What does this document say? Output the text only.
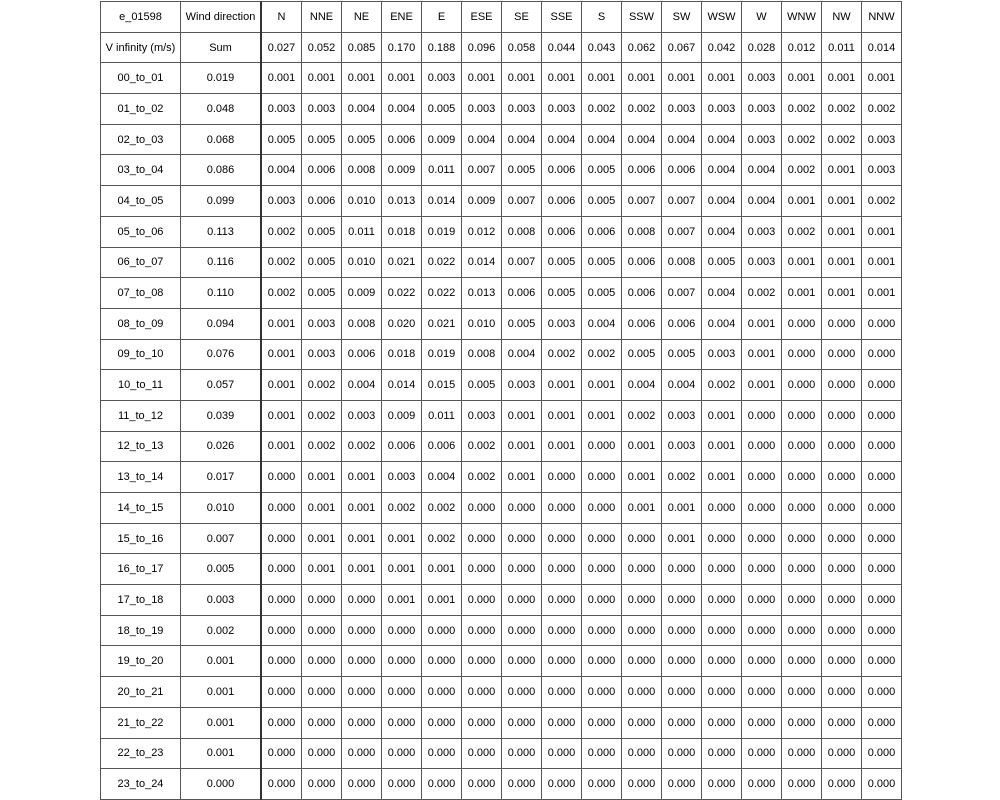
e_01598	Wind direction	N	NNE	NE	ENE	E	ESE	SE	SSE	S	SSW	SW	WSW	W	WNW	NW	NNW
V infinity (m/s)	Sum	0.027	0.052	0.085	0.170	0.188	0.096	0.058	0.044	0.043	0.062	0.067	0.042	0.028	0.012	0.011	0.014
00_to_01	0.019	0.001	0.001	0.001	0.001	0.003	0.001	0.001	0.001	0.001	0.001	0.001	0.001	0.003	0.001	0.001	0.001
01_to_02	0.048	0.003	0.003	0.004	0.004	0.005	0.003	0.003	0.003	0.002	0.002	0.003	0.003	0.003	0.002	0.002	0.002
02_to_03	0.068	0.005	0.005	0.005	0.006	0.009	0.004	0.004	0.004	0.004	0.004	0.004	0.004	0.003	0.002	0.002	0.003
03_to_04	0.086	0.004	0.006	0.008	0.009	0.011	0.007	0.005	0.006	0.005	0.006	0.006	0.004	0.004	0.002	0.001	0.003
04_to_05	0.099	0.003	0.006	0.010	0.013	0.014	0.009	0.007	0.006	0.005	0.007	0.007	0.004	0.004	0.001	0.001	0.002
05_to_06	0.113	0.002	0.005	0.011	0.018	0.019	0.012	0.008	0.006	0.006	0.008	0.007	0.004	0.003	0.002	0.001	0.001
06_to_07	0.116	0.002	0.005	0.010	0.021	0.022	0.014	0.007	0.005	0.005	0.006	0.008	0.005	0.003	0.001	0.001	0.001
07_to_08	0.110	0.002	0.005	0.009	0.022	0.022	0.013	0.006	0.005	0.005	0.006	0.007	0.004	0.002	0.001	0.001	0.001
08_to_09	0.094	0.001	0.003	0.008	0.020	0.021	0.010	0.005	0.003	0.004	0.006	0.006	0.004	0.001	0.000	0.000	0.000
09_to_10	0.076	0.001	0.003	0.006	0.018	0.019	0.008	0.004	0.002	0.002	0.005	0.005	0.003	0.001	0.000	0.000	0.000
10_to_11	0.057	0.001	0.002	0.004	0.014	0.015	0.005	0.003	0.001	0.001	0.004	0.004	0.002	0.001	0.000	0.000	0.000
11_to_12	0.039	0.001	0.002	0.003	0.009	0.011	0.003	0.001	0.001	0.001	0.002	0.003	0.001	0.000	0.000	0.000	0.000
12_to_13	0.026	0.001	0.002	0.002	0.006	0.006	0.002	0.001	0.001	0.000	0.001	0.003	0.001	0.000	0.000	0.000	0.000
13_to_14	0.017	0.000	0.001	0.001	0.003	0.004	0.002	0.001	0.000	0.000	0.001	0.002	0.001	0.000	0.000	0.000	0.000
14_to_15	0.010	0.000	0.001	0.001	0.002	0.002	0.000	0.000	0.000	0.000	0.001	0.001	0.000	0.000	0.000	0.000	0.000
15_to_16	0.007	0.000	0.001	0.001	0.001	0.002	0.000	0.000	0.000	0.000	0.000	0.001	0.000	0.000	0.000	0.000	0.000
16_to_17	0.005	0.000	0.001	0.001	0.001	0.001	0.000	0.000	0.000	0.000	0.000	0.000	0.000	0.000	0.000	0.000	0.000
17_to_18	0.003	0.000	0.000	0.000	0.001	0.001	0.000	0.000	0.000	0.000	0.000	0.000	0.000	0.000	0.000	0.000	0.000
18_to_19	0.002	0.000	0.000	0.000	0.000	0.000	0.000	0.000	0.000	0.000	0.000	0.000	0.000	0.000	0.000	0.000	0.000
19_to_20	0.001	0.000	0.000	0.000	0.000	0.000	0.000	0.000	0.000	0.000	0.000	0.000	0.000	0.000	0.000	0.000	0.000
20_to_21	0.001	0.000	0.000	0.000	0.000	0.000	0.000	0.000	0.000	0.000	0.000	0.000	0.000	0.000	0.000	0.000	0.000
21_to_22	0.001	0.000	0.000	0.000	0.000	0.000	0.000	0.000	0.000	0.000	0.000	0.000	0.000	0.000	0.000	0.000	0.000
22_to_23	0.001	0.000	0.000	0.000	0.000	0.000	0.000	0.000	0.000	0.000	0.000	0.000	0.000	0.000	0.000	0.000	0.000
23_to_24	0.000	0.000	0.000	0.000	0.000	0.000	0.000	0.000	0.000	0.000	0.000	0.000	0.000	0.000	0.000	0.000	0.000
